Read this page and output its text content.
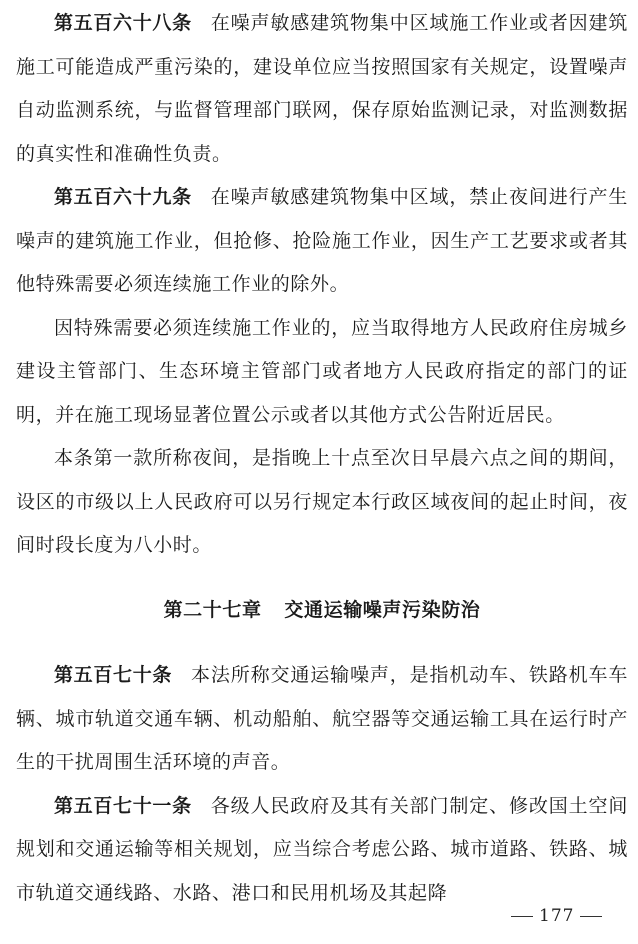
第五百六十八条 在噪声敏感建筑物集中区域施工作业或者因建筑施工可能造成严重污染的，建设单位应当按照国家有关规定，设置噪声自动监测系统，与监督管理部门联网，保存原始监测记录，对监测数据的真实性和准确性负责。

第五百六十九条 在噪声敏感建筑物集中区域，禁止夜间进行产生噪声的建筑施工作业，但抢修、抢险施工作业，因生产工艺要求或者其他特殊需要必须连续施工作业的除外。

因特殊需要必须连续施工作业的，应当取得地方人民政府住房城乡建设主管部门、生态环境主管部门或者地方人民政府指定的部门的证明，并在施工现场显著位置公示或者以其他方式公告附近居民。

本条第一款所称夜间，是指晚上十点至次日早晨六点之间的期间，设区的市级以上人民政府可以另行规定本行政区域夜间的起止时间，夜间时段长度为八小时。

第二十七章 交通运输噪声污染防治

第五百七十条 本法所称交通运输噪声，是指机动车、铁路机车车辆、城市轨道交通车辆、机动船舶、航空器等交通运输工具在运行时产生的干扰周围生活环境的声音。

第五百七十一条 各级人民政府及其有关部门制定、修改国土空间规划和交通运输等相关规划，应当综合考虑公路、城市道路、铁路、城市轨道交通线路、水路、港口和民用机场及其起降

177
